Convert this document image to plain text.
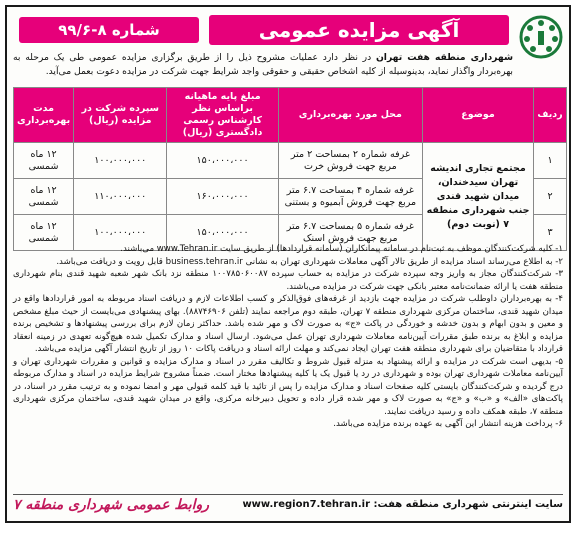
آگهی مزایده عمومی
شماره ۸-۹۹/۶
شهرداری منطقه هفت تهران در نظر دارد عملیات مشروح ذیل را از طریق برگزاری مزایده عمومی طی یک مرحله به بهره‌بردار واگذار نماید، بدینوسیله از کلیه اشخاص حقیقی و حقوقی واجد شرایط جهت شرکت در مزایده دعوت بعمل می‌آید.
ردیف	موضوع	محل مورد بهره‌برداری	مبلغ پایه ماهیانه براساس نظر کارشناس رسمی دادگستری (ریال)	سپرده شرکت در مزایده (ریال)	مدت بهره‌برداری
۱	مجتمع تجاری اندیشه تهران سیدخندان، میدان شهید قندی جنب شهرداری منطقه ۷ (نوبت دوم)	غرفه شماره ۲ بمساحت ۲ متر مربع جهت فروش خرت	۱۵۰،۰۰۰،۰۰۰	۱۰۰،۰۰۰،۰۰۰	۱۲ ماه شمسی
۲		غرفه شماره ۴ بمساحت ۶.۷ متر مربع جهت فروش آبمیوه و بستنی	۱۶۰،۰۰۰،۰۰۰	۱۱۰،۰۰۰،۰۰۰	۱۲ ماه شمسی
۳		غرفه شماره ۵ بمساحت ۶.۷ متر مربع جهت فروش اسنک	۱۵۰،۰۰۰،۰۰۰	۱۰۰،۰۰۰،۰۰۰	۱۲ ماه شمسی

۱- کلیه شرکت‌کنندگان موظف به ثبت‌نام در سامانه پیمانکاران (سامانه قراردادها) از طریق سایت www.Tehran.ir می‌باشند.

۲- به اطلاع می‌رساند اسناد مزایده از طریق تالار آگهی معاملات شهرداری تهران به نشانی business.tehran.ir قابل رویت و دریافت می‌باشد.

۳- شرکت‌کنندگان مجاز به واریز وجه سپرده شرکت در مزایده به حساب سپرده ۱۰۰۷۸۵۰۶۰۰۸۷ منطقه نزد بانک شهر شعبه شهید قندی بنام شهرداری منطقه هفت یا ارائه ضمانت‌نامه معتبر بانکی جهت شرکت در مزایده می‌باشند.

۴- به بهره‌برداران داوطلب شرکت در مزایده جهت بازدید از غرفه‌های فوق‌الذکر و کسب اطلاعات لازم و دریافت اسناد مربوطه به امور قراردادها واقع در میدان شهید قندی، ساختمان مرکزی شهرداری منطقه ۷ تهران، طبقه دوم مراجعه نمایند (تلفن ۸۸۷۴۶۹۰۶). بهای پیشنهادی می‌بایست از حیث مبلغ مشخص و معین و بدون ابهام و بدون خدشه و خوردگی در پاکت «ج» به صورت لاک و مهر شده باشد. حداکثر زمان لازم برای بررسی پیشنهادها و تشخیص برنده مزایده و ابلاغ به برنده طبق مقررات آیین‌نامه معاملات شهرداری تهران عمل می‌شود. ارسال اسناد و مدارک تکمیل شده هیچ‌گونه تعهدی در زمینه انعقاد قرارداد با متقاضیان برای شهرداری منطقه هفت تهران ایجاد نمی‌کند و مهلت ارائه اسناد و دریافت پاکات ۱۰ روز از تاریخ انتشار آگهی مزایده می‌باشد.

۵- بدیهی است شرکت در مزایده و ارائه پیشنهاد به منزله قبول شروط و تکالیف مقرر در اسناد و مدارک مزایده و قوانین و مقررات شهرداری تهران و آیین‌نامه معاملات شهرداری تهران بوده و شهرداری در رد یا قبول یک یا کلیه پیشنهادها مختار است. ضمناً مشروح شرایط مزایده در اسناد و مدارک مربوطه درج گردیده و شرکت‌کنندگان بایستی کلیه صفحات اسناد و مدارک مزایده را پس از تائید با قید کلمه قبولی مهر و امضا نموده و به ترتیب مقرر در اسناد، در پاکت‌های «الف» و «ب» و «ج» به صورت لاک و مهر شده قرار داده و تحویل دبیرخانه مرکزی، واقع در میدان شهید قندی، ساختمان مرکزی شهرداری منطقه ۷، طبقه همکف داده و رسید دریافت نمایند.

۶- پرداخت هزینه انتشار این آگهی به عهده برنده مزایده می‌باشد.

سایت اینترنتی شهرداری منطقه هفت: www.region7.tehran.ir
روابط عمومی شهرداری منطقه ۷
